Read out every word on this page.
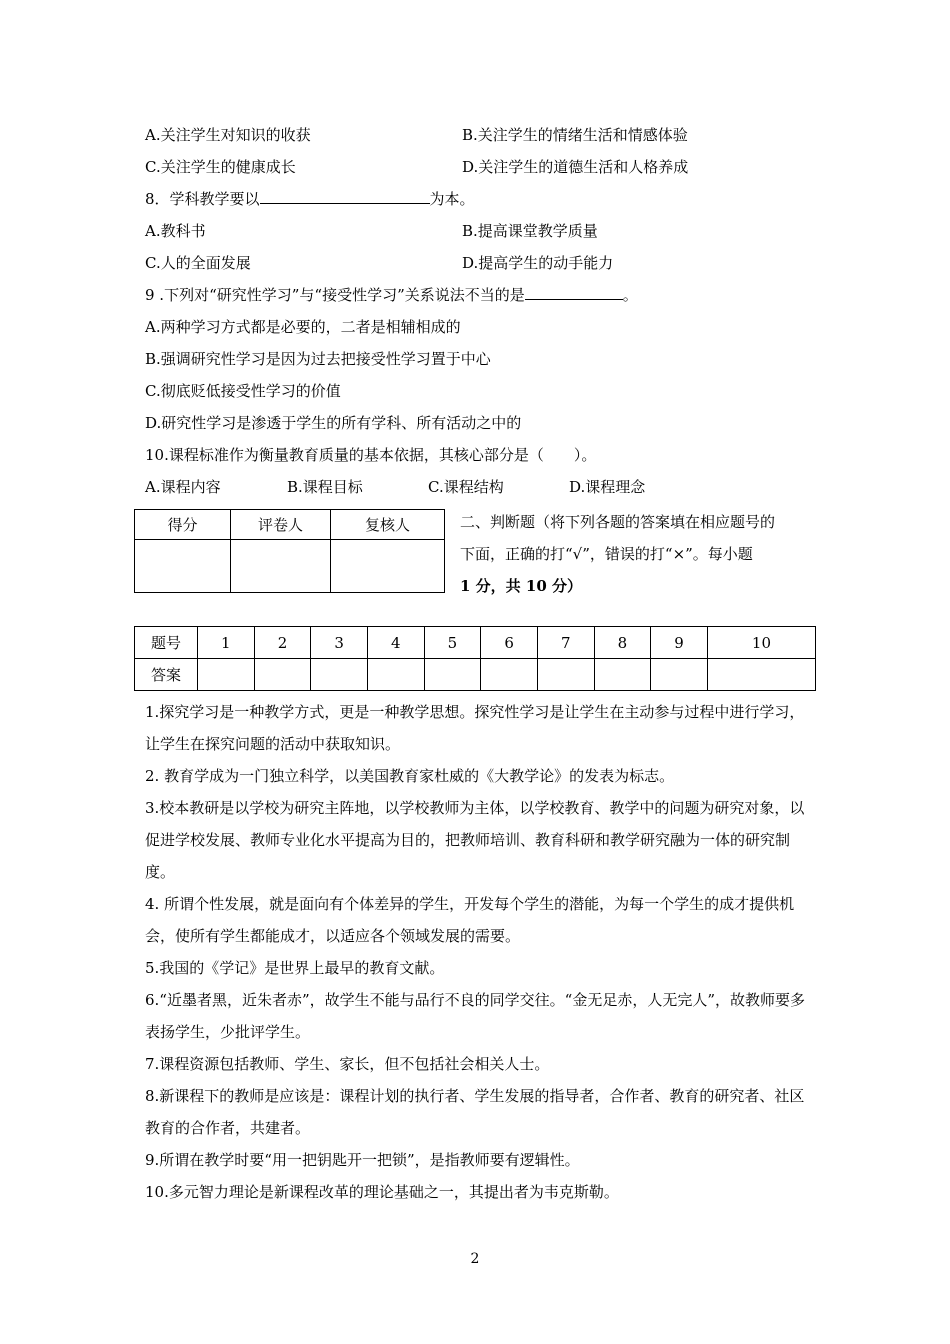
A.关注学生对知识的收获	B.关注学生的情绪生活和情感体验
C.关注学生的健康成长	D.关注学生的道德生活和人格养成
8．学科教学要以	为本。
A.教科书	B.提高课堂教学质量
C.人的全面发展	D.提高学生的动手能力
9 .下列对“研究性学习”与“接受性学习”关系说法不当的是	。
A.两种学习方式都是必要的，二者是相辅相成的
B.强调研究性学习是因为过去把接受性学习置于中心
C.彻底贬低接受性学习的价值
D.研究性学习是渗透于学生的所有学科、所有活动之中的
10.课程标准作为衡量教育质量的基本依据，其核心部分是（　　）。
A.课程内容	B.课程目标	C.课程结构	D.课程理念
得分	评卷人	复核人
			二、判断题（将下列各题的答案填在相应题号的
下面，正确的打“√”，错误的打“×”。每小题
1 分，共 10 分）
题号	1	2	3	4	5	6	7	8	9	10
答案										
1.探究学习是一种教学方式，更是一种教学思想。探究性学习是让学生在主动参与过程中进行学习，让学生在探究问题的活动中获取知识。
2. 教育学成为一门独立科学，以美国教育家杜威的《大教学论》的发表为标志。
3.校本教研是以学校为研究主阵地，以学校教师为主体，以学校教育、教学中的问题为研究对象，以促进学校发展、教师专业化水平提高为目的，把教师培训、教育科研和教学研究融为一体的研究制度。
4. 所谓个性发展，就是面向有个体差异的学生，开发每个学生的潜能，为每一个学生的成才提供机会，使所有学生都能成才，以适应各个领域发展的需要。
5.我国的《学记》是世界上最早的教育文献。
6.“近墨者黑，近朱者赤”，故学生不能与品行不良的同学交往。“金无足赤，人无完人”，故教师要多表扬学生，少批评学生。
7.课程资源包括教师、学生、家长，但不包括社会相关人士。
8.新课程下的教师是应该是：课程计划的执行者、学生发展的指导者，合作者、教育的研究者、社区教育的合作者，共建者。
9.所谓在教学时要“用一把钥匙开一把锁”，是指教师要有逻辑性。
10.多元智力理论是新课程改革的理论基础之一，其提出者为韦克斯勒。
2
